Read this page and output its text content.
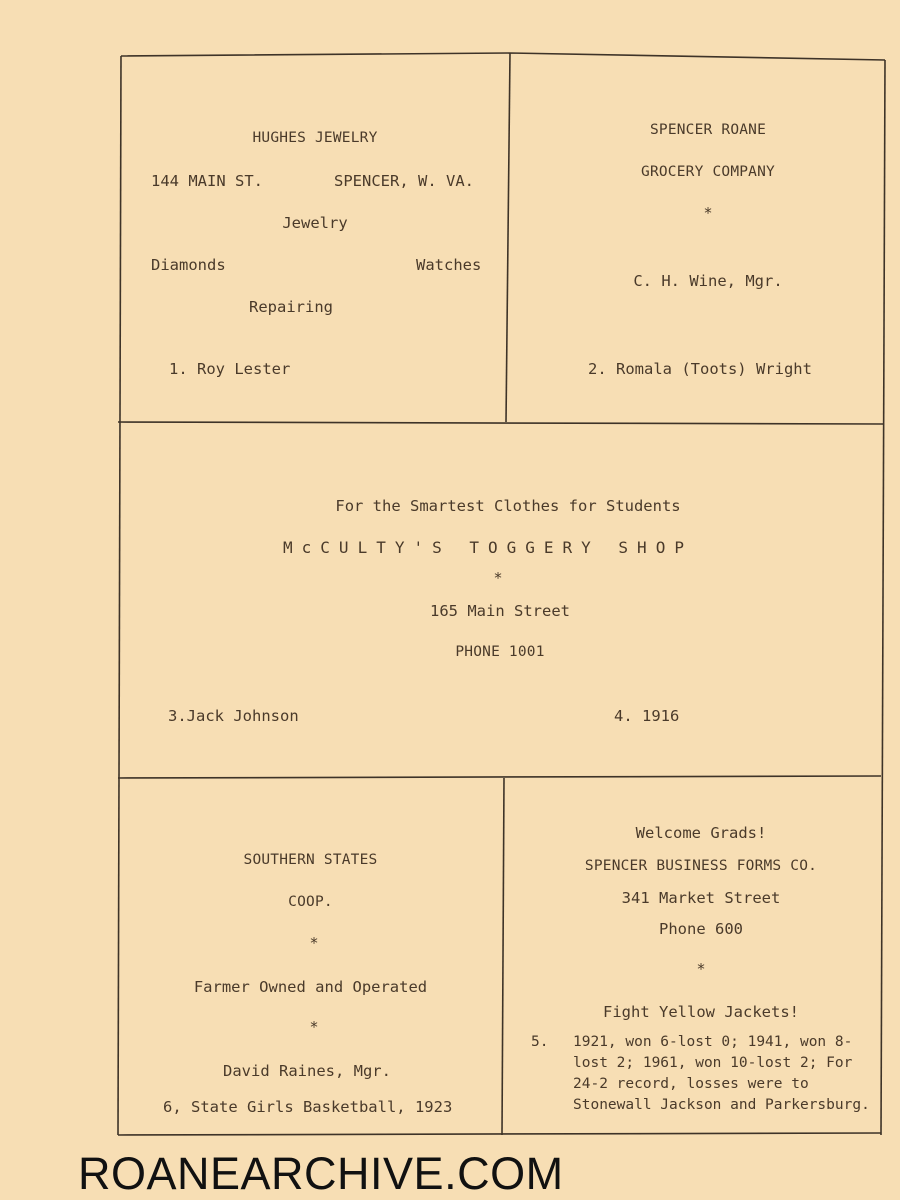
HUGHES JEWELRY
144 MAIN ST.	SPENCER, W. VA.
Jewelry
Diamonds	Watches
Repairing
1. Roy Lester
SPENCER ROANE
GROCERY COMPANY
*
C. H. Wine, Mgr.
2. Romala (Toots) Wright
For the Smartest Clothes for Students
McCULTY'S TOGGERY SHOP
*
165 Main Street
PHONE 1001
3.Jack Johnson	4. 1916
SOUTHERN STATES
COOP.
*
Farmer Owned and Operated
*
David Raines, Mgr.
6, State Girls Basketball, 1923
Welcome Grads!
SPENCER BUSINESS FORMS CO.
341 Market Street
Phone 600
*
Fight Yellow Jackets!
5. 1921, won 6-lost 0; 1941, won 8-lost 2; 1961, won 10-lost 2; For 24-2 record, losses were to Stonewall Jackson and Parkersburg.
ROANEARCHIVE.COM
